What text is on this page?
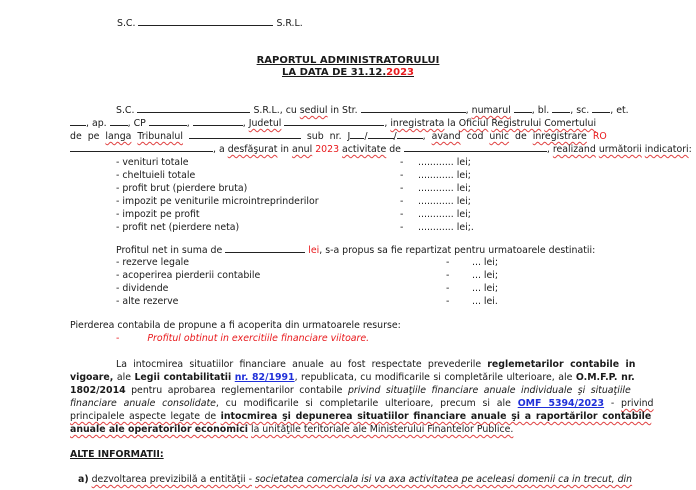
S.C.	S.R.L.
RAPORTUL ADMINISTRATORULUI
LA DATA DE 31.12.2023
S.C.	S.R.L., cu sediul in Str.	, numarul , bl. , sc. , et.
, ap. , CP	,	, Judetul	, inregistrata la Oficiul Registrului Comertului
de pe langa Tribunalul	sub nr. J /	/	, avand cod unic de inregistrare RO
, a desfăşurat in anul 2023 activitate de	, realizand următorii indicatori:
- venituri totale	- ............ lei;
- cheltuieli totale	- ............ lei;
- profit brut (pierdere bruta)	- ............ lei;
- impozit pe veniturile microintreprinderilor	- ............ lei;
- impozit pe profit	- ............ lei;
- profit net (pierdere neta)	- ............ lei;.
Profitul net in suma de	lei, s-a propus sa fie repartizat pentru urmatoarele destinatii:
- rezerve legale	- ... lei;
- acoperirea pierderii contabile	- ... lei;
- dividende	- ... lei;
- alte rezerve	- ... lei.
Pierderea contabila de propune a fi acoperita din urmatoarele resurse:
-	Profitul obtinut in exercitiile financiare viitoare.
La intocmirea situatiilor financiare anuale au fost respectate prevederile reglemetarilor contabile in
vigoare, ale Legii contabilitatii nr. 82/1991, republicata, cu modificarile si completările ulterioare, ale O.M.F.P. nr.
1802/2014 pentru aprobarea reglementarilor contabile privind situaţiile financiare anuale individuale şi situaţiile
financiare anuale consolidate, cu modificarile si completarile ulterioare, precum si ale OMF 5394/2023 - privind
principalele aspecte legate de intocmirea şi depunerea situatiilor financiare anuale şi a raportărilor contabile
anuale ale operatorilor economici la unităţile teritoriale ale Ministerului Finantelor Publice.
ALTE INFORMATII:
a) dezvoltarea previzibilă a entităţii - societatea comerciala isi va axa activitatea pe aceleasi domenii ca in trecut, din
